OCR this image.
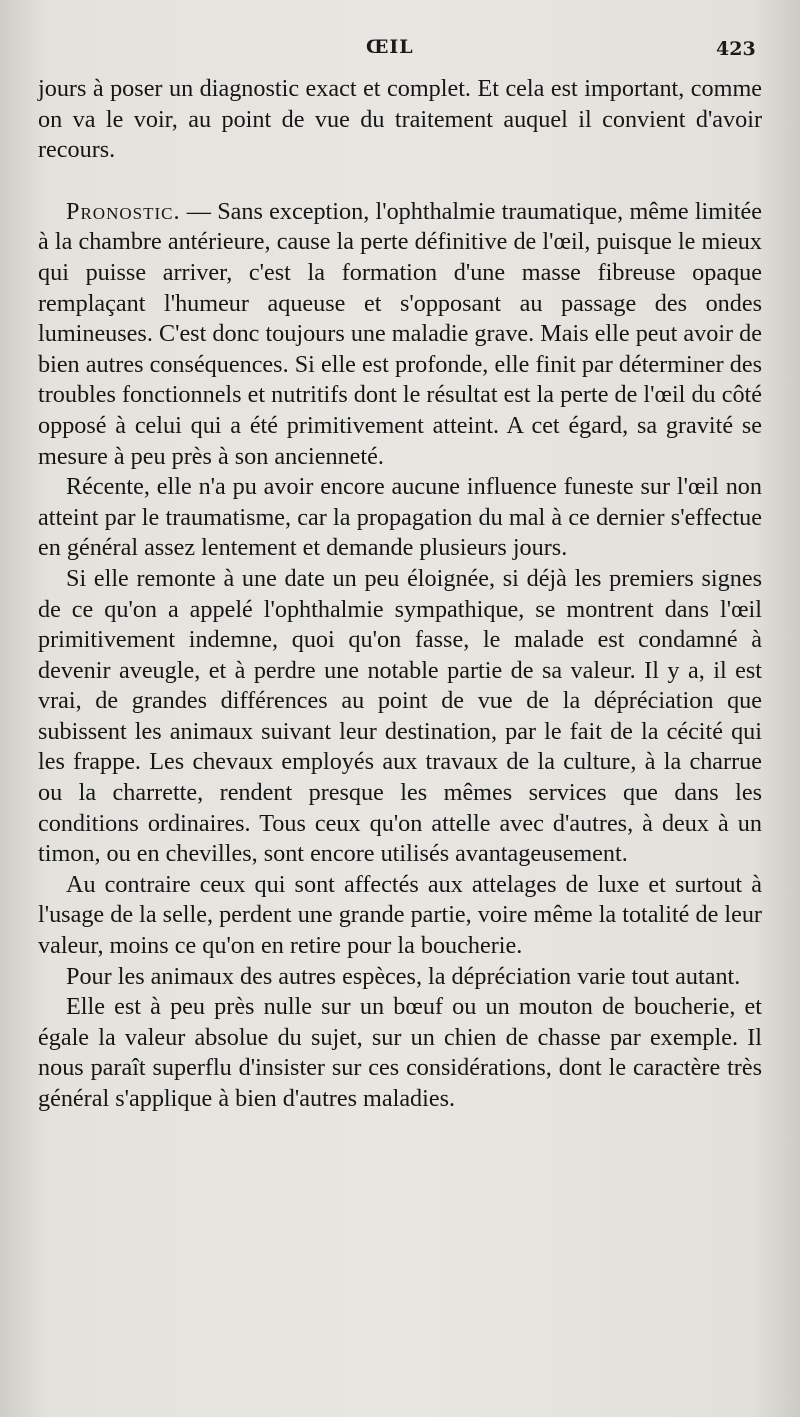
ŒIL	423

jours à poser un diagnostic exact et complet. Et cela est important, comme on va le voir, au point de vue du traitement auquel il convient d'avoir recours.

Pronostic. — Sans exception, l'ophthalmie traumatique, même limitée à la chambre antérieure, cause la perte définitive de l'œil, puisque le mieux qui puisse arriver, c'est la formation d'une masse fibreuse opaque remplaçant l'humeur aqueuse et s'opposant au passage des ondes lumineuses. C'est donc toujours une maladie grave. Mais elle peut avoir de bien autres conséquences. Si elle est profonde, elle finit par déterminer des troubles fonctionnels et nutritifs dont le résultat est la perte de l'œil du côté opposé à celui qui a été primitivement atteint. A cet égard, sa gravité se mesure à peu près à son ancienneté.

Récente, elle n'a pu avoir encore aucune influence funeste sur l'œil non atteint par le traumatisme, car la propagation du mal à ce dernier s'effectue en général assez lentement et demande plusieurs jours.

Si elle remonte à une date un peu éloignée, si déjà les premiers signes de ce qu'on a appelé l'ophthalmie sympathique, se montrent dans l'œil primitivement indemne, quoi qu'on fasse, le malade est condamné à devenir aveugle, et à perdre une notable partie de sa valeur. Il y a, il est vrai, de grandes différences au point de vue de la dépréciation que subissent les animaux suivant leur destination, par le fait de la cécité qui les frappe. Les chevaux employés aux travaux de la culture, à la charrue ou la charrette, rendent presque les mêmes services que dans les conditions ordinaires. Tous ceux qu'on attelle avec d'autres, à deux à un timon, ou en chevilles, sont encore utilisés avantageusement.

Au contraire ceux qui sont affectés aux attelages de luxe et surtout à l'usage de la selle, perdent une grande partie, voire même la totalité de leur valeur, moins ce qu'on en retire pour la boucherie.

Pour les animaux des autres espèces, la dépréciation varie tout autant.

Elle est à peu près nulle sur un bœuf ou un mouton de boucherie, et égale la valeur absolue du sujet, sur un chien de chasse par exemple. Il nous paraît superflu d'insister sur ces considérations, dont le caractère très général s'applique à bien d'autres maladies.
